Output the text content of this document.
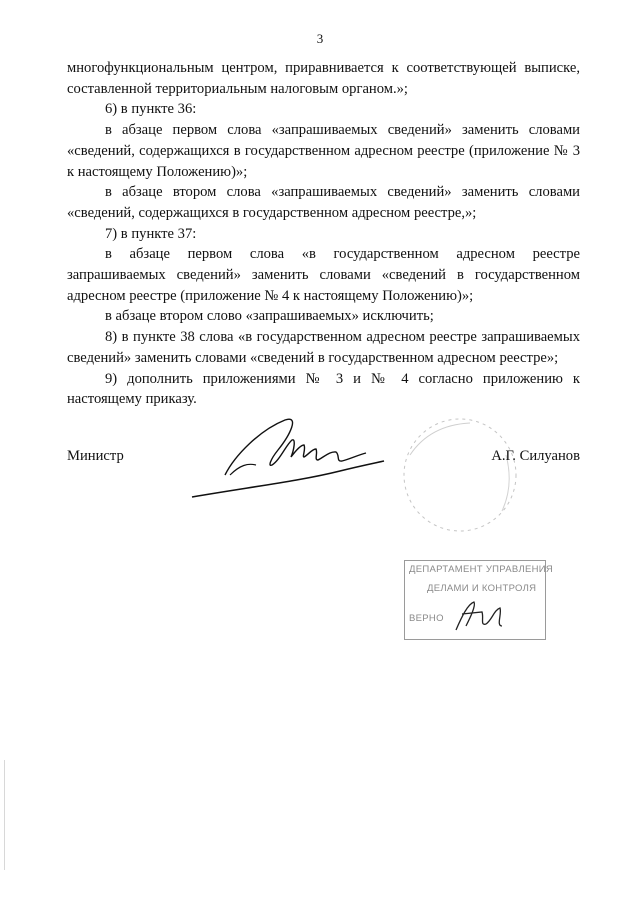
3

многофункциональным центром, приравнивается к соответствующей выписке, составленной территориальным налоговым органом.»;

6) в пункте 36:

в абзаце первом слова «запрашиваемых сведений» заменить словами «сведений, содержащихся в государственном адресном реестре (приложение № 3 к настоящему Положению)»;

в абзаце втором слова «запрашиваемых сведений» заменить словами «сведений, содержащихся в государственном адресном реестре,»;

7) в пункте 37:

в абзаце первом слова «в государственном адресном реестре запрашиваемых сведений» заменить словами «сведений в государственном адресном реестре (приложение № 4 к настоящему Положению)»;

в абзаце втором слово «запрашиваемых» исключить;

8) в пункте 38 слова «в государственном адресном реестре запрашиваемых сведений» заменить словами «сведений в государственном адресном реестре»;

9) дополнить приложениями № 3 и № 4 согласно приложению к настоящему приказу.

Министр	А.Г. Силуанов
ДЕПАРТАМЕНТ УПРАВЛЕНИЯ
ДЕЛАМИ И КОНТРОЛЯ
ВЕРНО
